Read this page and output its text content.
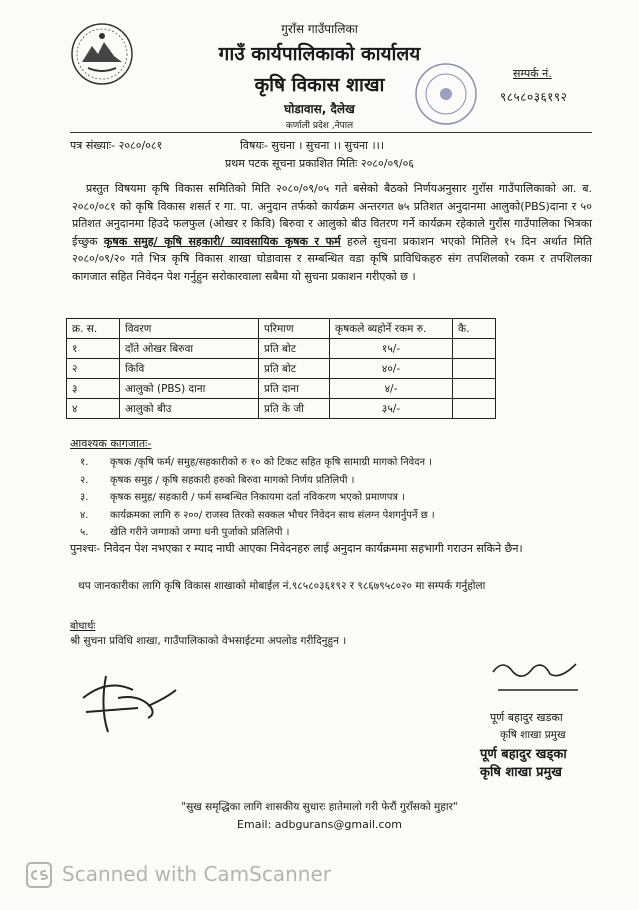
गुराँस गाउँपालिका
गाउँ कार्यपालिकाको कार्यालय
कृषि विकास शाखा
घोडावास, दैलेख
कर्णाली प्रदेश ,नेपाल
सम्पर्क नं.
९८५८०३६१९२
पत्र संख्याः- २०८०/०८१	विषयः- सुचना । सुचना ।। सुचना ।।।
प्रथम पटक सूचना प्रकाशित मितिः २०८०/०९/०६
प्रस्तुत विषयमा कृषि विकास समितिको मिति २०८०/०९/०५ गते बसेको बैठको निर्णयअनुसार गुराँस गाउँपालिकाको आ. ब. २०८०/०८१ को कृषि विकास शसर्त र गा. पा. अनुदान तर्फको कार्यक्रम अन्तरगत ७५ प्रतिशत अनुदानमा आलुको(PBS)दाना र ५० प्रतिशत अनुदानमा हिउदे फलफुल (ओखर र किवि) बिरुवा र आलुको बीउ वितरण गर्ने कार्यक्रम रहेकाले गुराँस गाउँपालिका भित्रका ईच्छुक कृषक समुह/ कृषि सहकारी/ व्यावसायिक कृषक र फर्म हरुले सुचना प्रकाशन भएको मितिले १५ दिन अर्थात मिति २०८०/०९/२० गते भित्र कृषि विकास शाखा घोडावास र सम्बन्धित वडा कृषि प्राविधिकहरु संग तपशिलको रकम र तपशिलका कागजात सहित निवेदन पेश गर्नुहुन सरोकारवाला सबैमा यो सुचना प्रकाशन गरीएको छ ।
क्र. स.	विवरण	परिमाण	कृषकले ब्यहोर्ने रकम रु.	कै.
१	दाँते ओखर बिरुवा	प्रति बोट	१५/-	
२	किवि	प्रति बोट	४०/-	
३	आलुको (PBS) दाना	प्रति दाना	४/-	
४	आलुको बीउ	प्रति के जी	३५/-	
आवश्यक कागजातः-
१. कृषक /कृषि फर्म/ समुह/सहकारीको रु १० को टिकट सहित कृषि सामाग्री मागको निवेदन ।
२. कृषक समुह / कृषि सहकारी हरुको बिरुवा मागको निर्णय प्रतिलिपी ।
३. कृषक समुह/ सहकारी / फर्म सम्बन्धित निकायमा दर्ता नविकरण भएको प्रमाणपत्र ।
४. कार्यक्रमका लागि रु २००/ राजस्व तिरको सक्कल भौचर निवेदन साथ संलग्न पेशगर्नुपर्ने छ ।
५. खेति गरीने जग्गाको जग्गा धनी पुर्जाको प्रतिलिपी ।
पुनश्चः- निवेदन पेश नभएका र म्याद नाघी आएका निवेदनहरु लाई अनुदान कार्यक्रममा सहभागी गराउन सकिने छैन।
थप जानकारीका लागि कृषि विकास शाखाको मोबाईल नं.९८५८०३६१९२ र ९८६७९५८०२० मा सम्पर्क गर्नुहोला
बोधार्थः
श्री सुचना प्रविधि शाखा, गाउँपालिकाको वेभसाईटमा अपलोड गरीदिनुहुन ।
पूर्ण बहादुर खडका
कृषि शाखा प्रमुख
पूर्ण बहादुर खड्का
कृषि शाखा प्रमुख
"सुख समृद्धिका लागि शासकीय सुधारः हातेमालो गरी फेरौं गुराँसको मुहार"
Email: adbgurans@gmail.com
Scanned with CamScanner
